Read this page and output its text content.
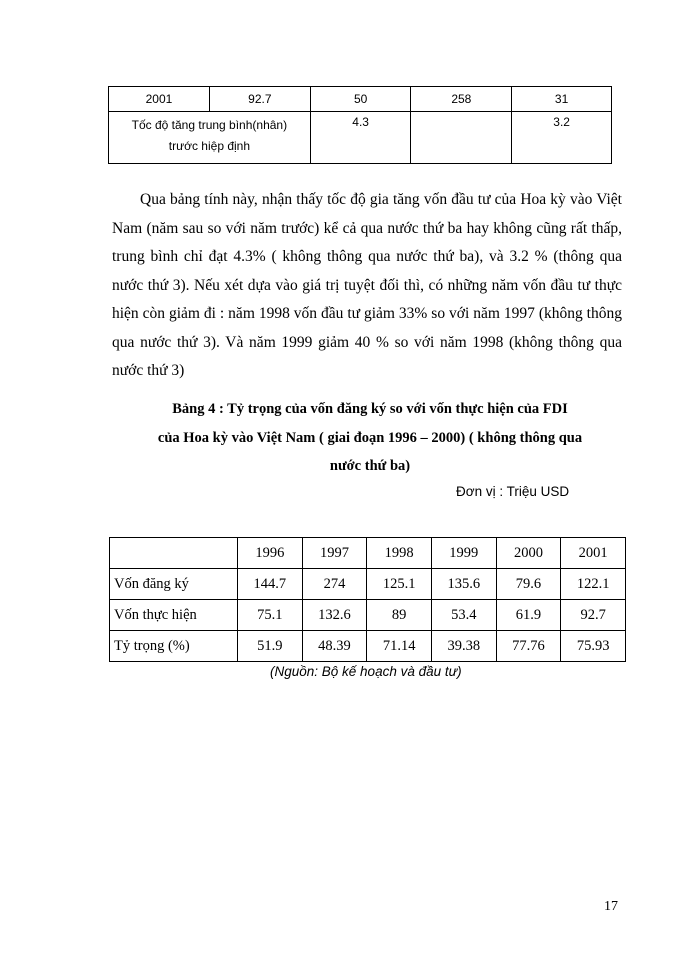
2001	92.7	50	258	31

Tốc độ tăng trung bình(nhân)
trước hiệp định		4.3		3.2
Qua bảng tính này, nhận thấy tốc độ gia tăng vốn đầu tư của Hoa kỳ vào Việt Nam (năm sau so với năm trước) kể cả qua nước thứ ba hay không cũng rất thấp, trung bình chỉ đạt 4.3% ( không thông qua nước thứ ba), và 3.2 % (thông qua nước thứ 3). Nếu xét dựa vào giá trị tuyệt đối thì, có những năm vốn đầu tư thực hiện còn giảm đi : năm 1998 vốn đầu tư giảm 33% so với năm 1997 (không thông qua nước thứ 3). Và năm 1999 giảm 40 % so với năm 1998 (không thông qua nước thứ 3)
Bảng 4 : Tỷ trọng của vốn đăng ký so với vốn thực hiện của FDI
của Hoa kỳ vào Việt Nam ( giai đoạn 1996 – 2000) ( không thông qua
nước thứ ba)
Đơn vị : Triệu USD
	1996	1997	1998	1999	2000	2001
Vốn đăng ký	144.7	274	125.1	135.6	79.6	122.1
Vốn thực hiện	75.1	132.6	89	53.4	61.9	92.7
Tỷ trọng (%)	51.9	48.39	71.14	39.38	77.76	75.93
(Nguồn: Bộ kế hoạch và đầu tư)
17
